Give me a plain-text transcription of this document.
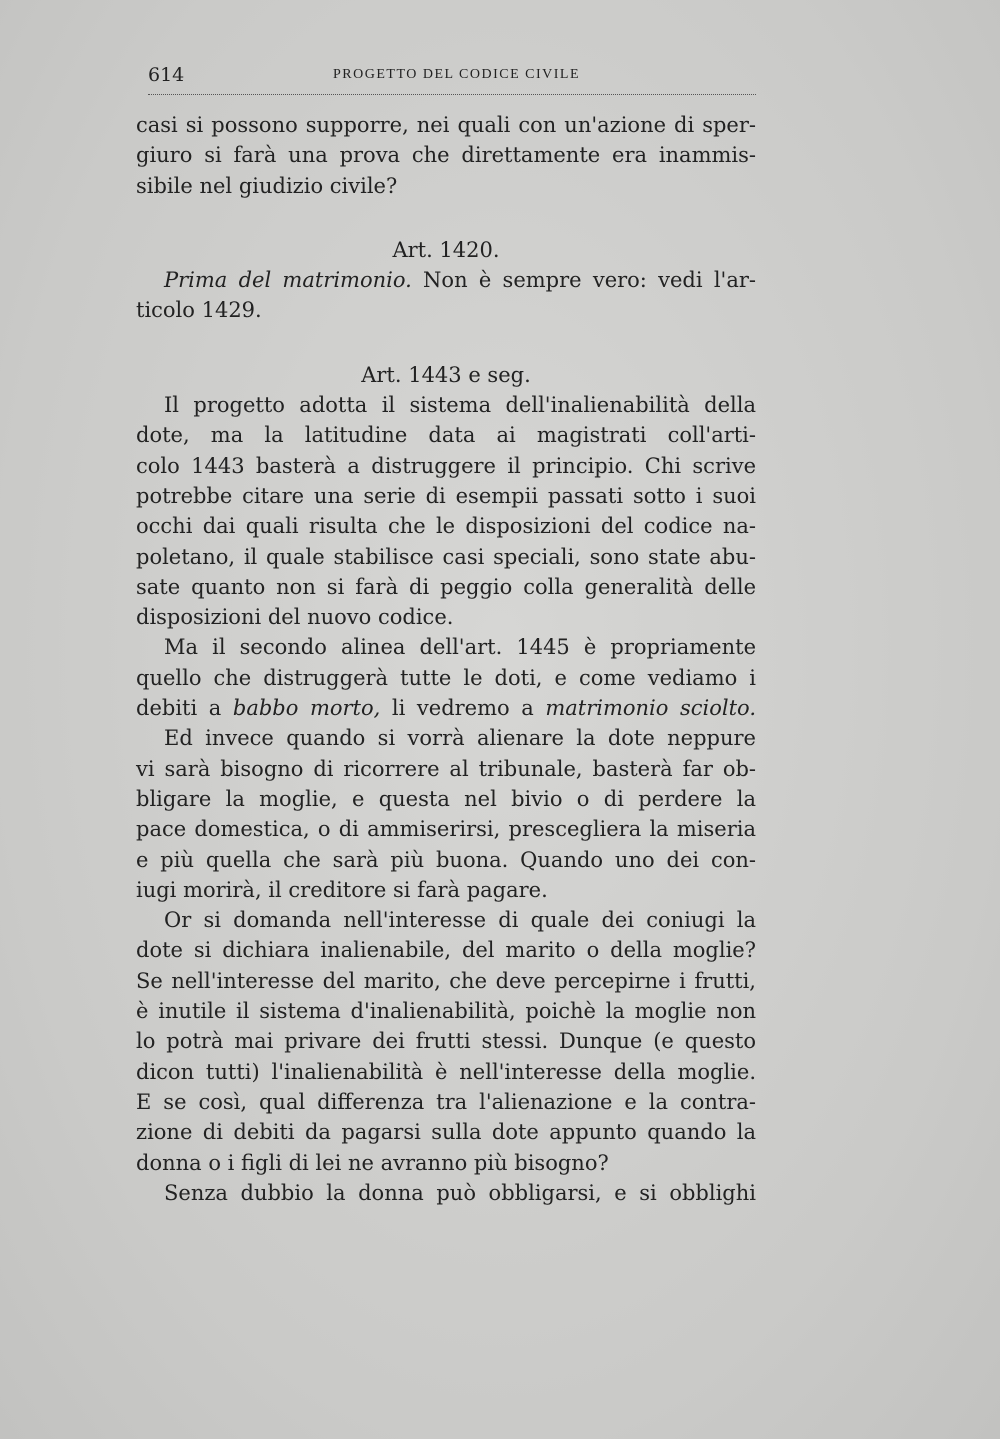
614	PROGETTO DEL CODICE CIVILE
casi si possono supporre, nei quali con un'azione di sper-
giuro si farà una prova che direttamente era inammis-
sibile nel giudizio civile?
Art. 1420.
Prima del matrimonio. Non è sempre vero: vedi l'ar-
ticolo 1429.
Art. 1443 e seg.
Il progetto adotta il sistema dell'inalienabilità della
dote, ma la latitudine data ai magistrati coll'arti-
colo 1443 basterà a distruggere il principio. Chi scrive
potrebbe citare una serie di esempii passati sotto i suoi
occhi dai quali risulta che le disposizioni del codice na-
poletano, il quale stabilisce casi speciali, sono state abu-
sate quanto non si farà di peggio colla generalità delle
disposizioni del nuovo codice.
Ma il secondo alinea dell'art. 1445 è propriamente
quello che distruggerà tutte le doti, e come vediamo i
debiti a babbo morto, li vedremo a matrimonio sciolto.
Ed invece quando si vorrà alienare la dote neppure
vi sarà bisogno di ricorrere al tribunale, basterà far ob-
bligare la moglie, e questa nel bivio o di perdere la
pace domestica, o di ammiserirsi, prescegliera la miseria
e più quella che sarà più buona. Quando uno dei con-
iugi morirà, il creditore si farà pagare.
Or si domanda nell'interesse di quale dei coniugi la
dote si dichiara inalienabile, del marito o della moglie?
Se nell'interesse del marito, che deve percepirne i frutti,
è inutile il sistema d'inalienabilità, poichè la moglie non
lo potrà mai privare dei frutti stessi. Dunque (e questo
dicon tutti) l'inalienabilità è nell'interesse della moglie.
E se così, qual differenza tra l'alienazione e la contra-
zione di debiti da pagarsi sulla dote appunto quando la
donna o i figli di lei ne avranno più bisogno?
Senza dubbio la donna può obbligarsi, e si obblighi
